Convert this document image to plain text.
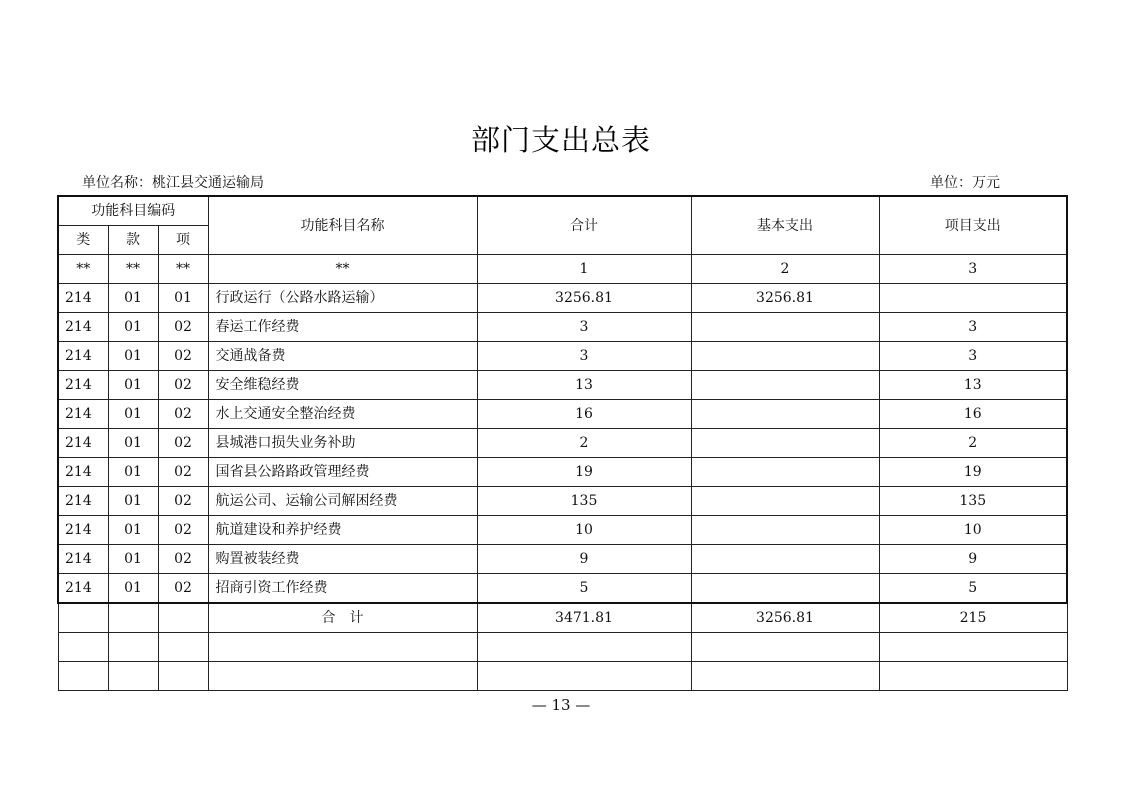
部门支出总表
单位名称：桃江县交通运输局	单位：万元
功能科目编码			功能科目名称	合计	基本支出	项目支出
类	款	项				
**	**	**	**	1	2	3
214	01	01	行政运行（公路水路运输）	3256.81	3256.81	
214	01	02	春运工作经费	3		3
214	01	02	交通战备费	3		3
214	01	02	安全维稳经费	13		13
214	01	02	水上交通安全整治经费	16		16
214	01	02	县城港口损失业务补助	2		2
214	01	02	国省县公路路政管理经费	19		19
214	01	02	航运公司、运输公司解困经费	135		135
214	01	02	航道建设和养护经费	10		10
214	01	02	购置被装经费	9		9
214	01	02	招商引资工作经费	5		5
			合　计	3471.81	3256.81	215

— 13 —
